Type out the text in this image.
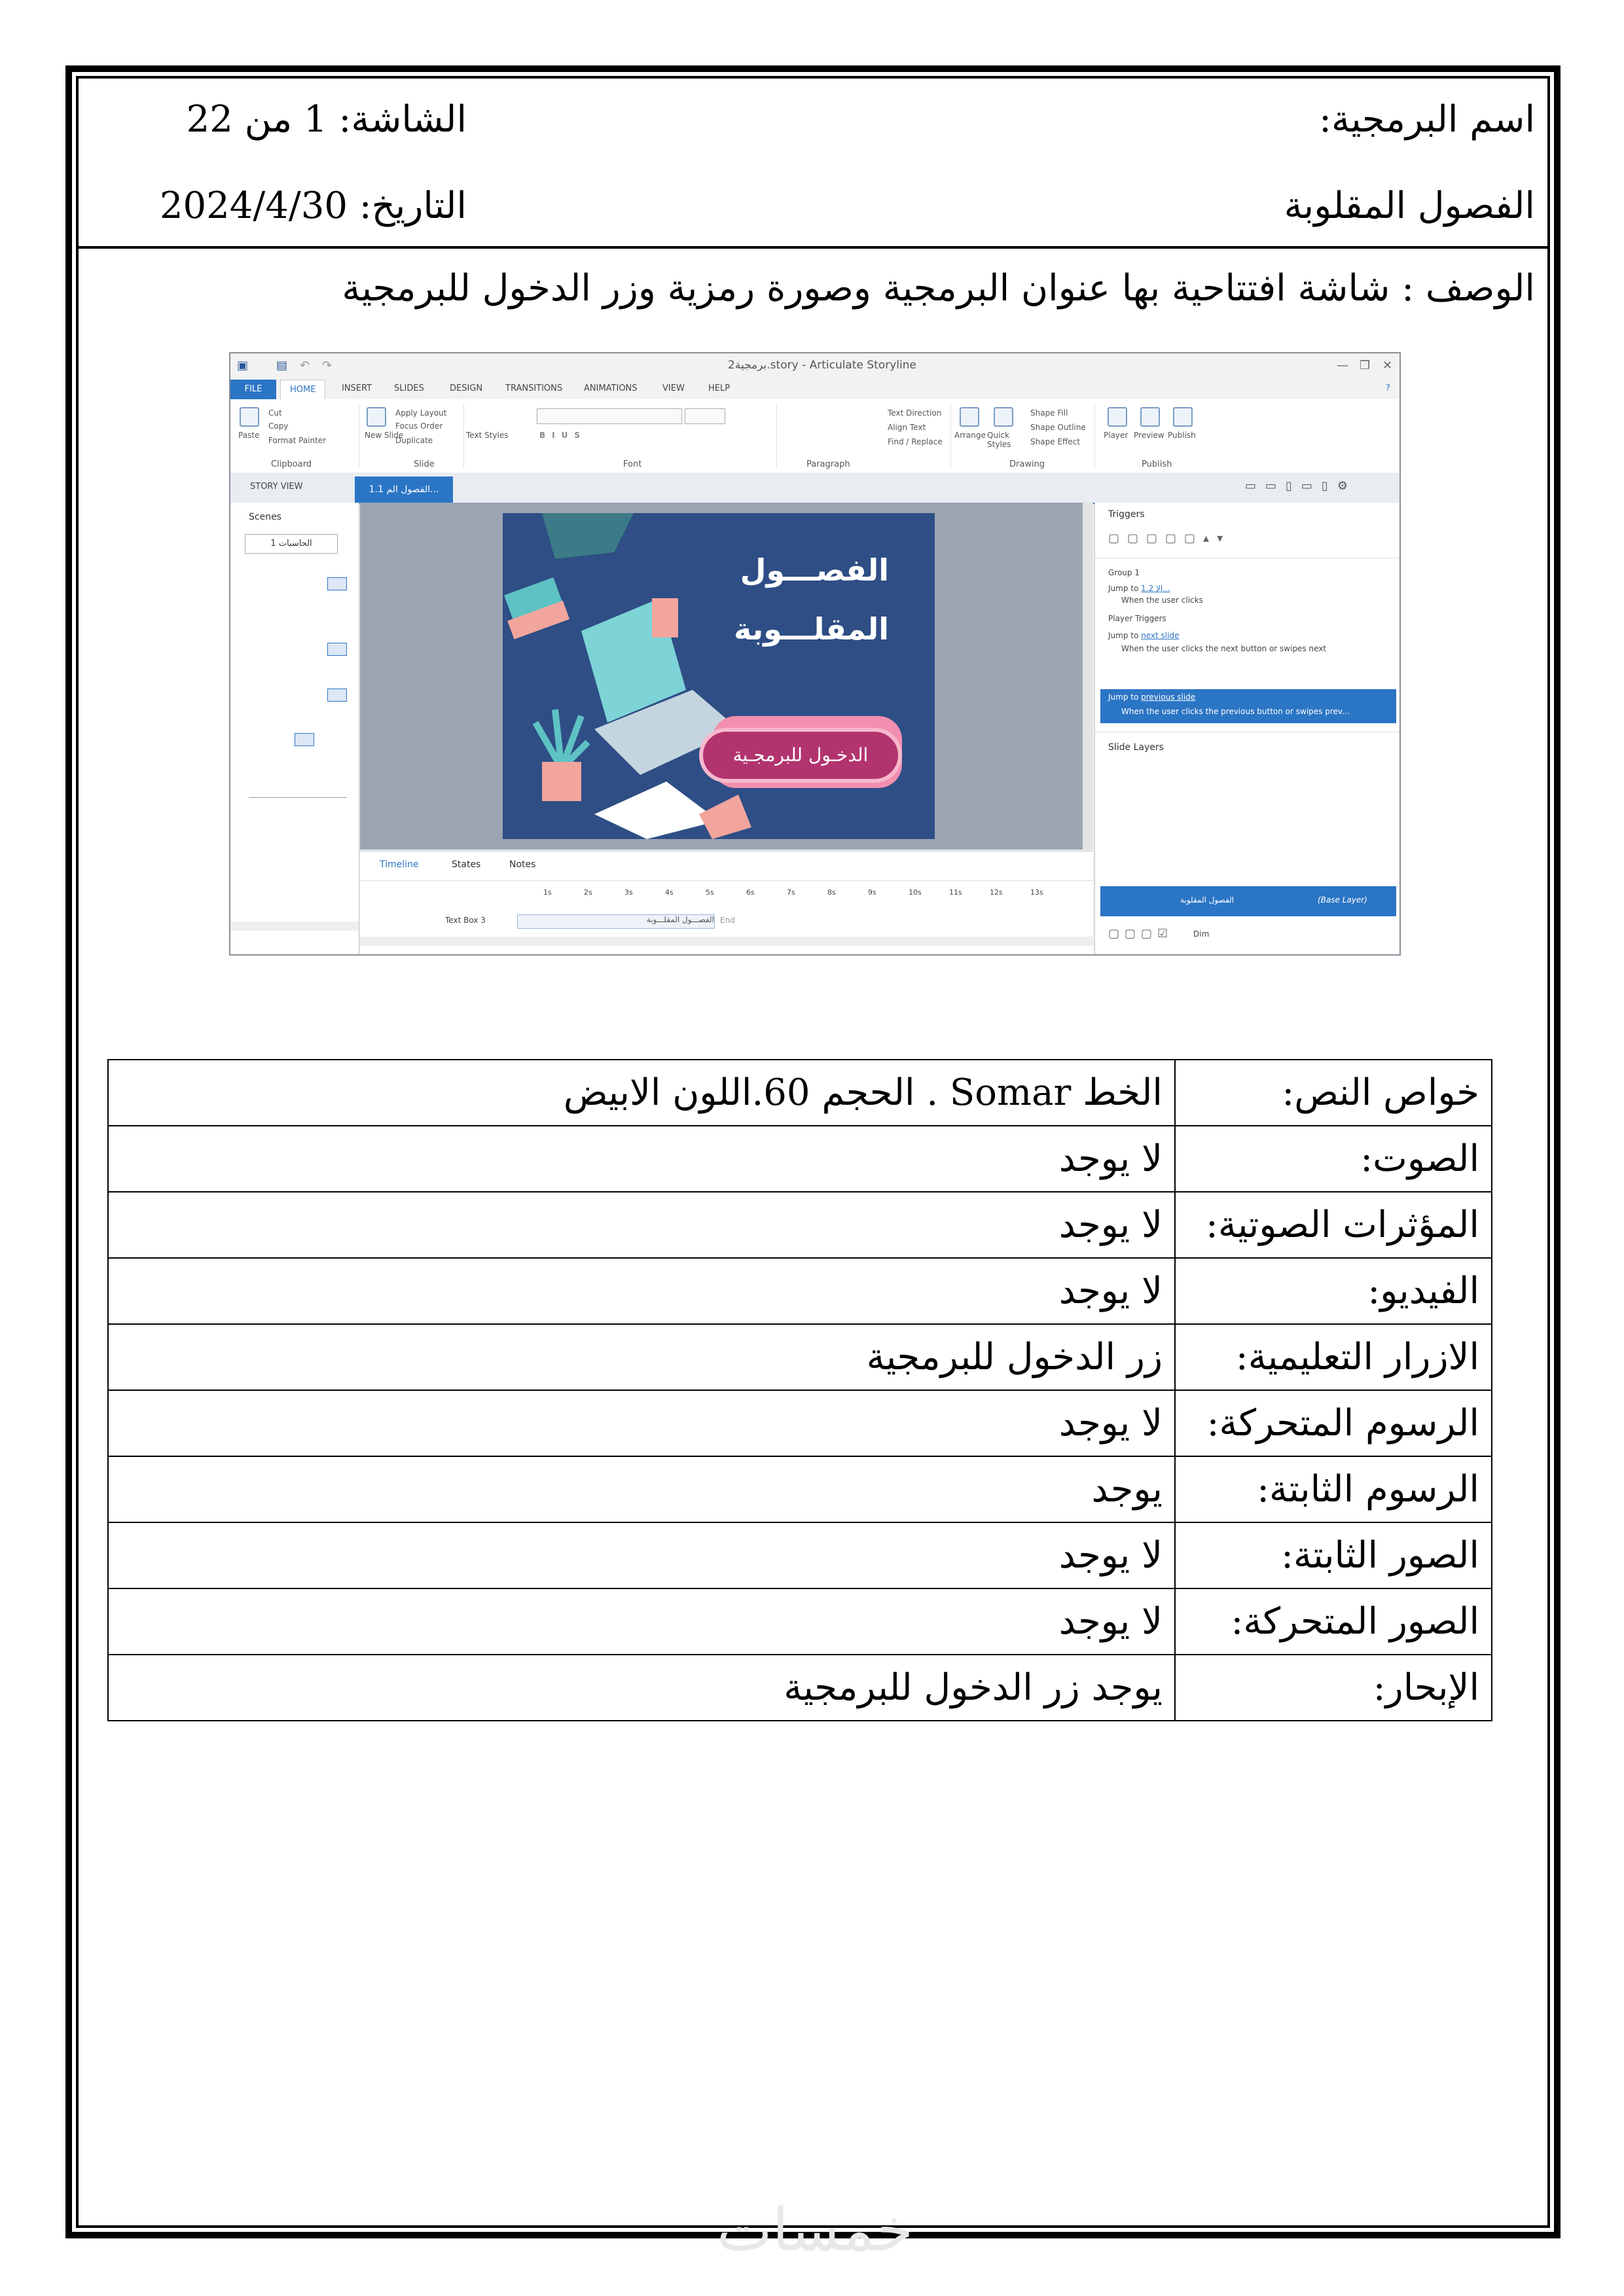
اسم البرمجية:
الفصول المقلوبة
الشاشة: 1 من 22
التاريخ: 2024/4/30
الوصف : شاشة افتتاحية بها عنوان البرمجية وصورة رمزية وزر الدخول للبرمجية
▣ ▤ ↶	↷	برمجية2.story - Articulate Storyline	— ❐ ✕
FILE	HOME	INSERT	SLIDES	DESIGN	TRANSITIONS	ANIMATIONS	VIEW	HELP	?
Paste
Cut
Copy
Format Painter
Clipboard
New Slide
Apply Layout
Focus Order
Duplicate
Slide
Text Styles	BIUS
Font
Text Direction
Align Text
Find / Replace
Paragraph
Arrange Quick Styles
Shape Fill
Shape Outline
Shape Effect
Drawing
Player Preview Publish
Publish
STORY VIEW	1.1 الفصول الم...	▭▭▯▭▯⚙
Scenes
1 الحاسبات
الفصـــول
المقلـــوبة
الدخـول للبرمجـية
Timeline	States	Notes
1s	2s	3s	4s	5s	6s	7s	8s	9s	10s	11s	12s	13s
Text Box 3	الفصـــول المقلـــوبة End
Triggers
▢▢▢▢▢▴▾
Group 1
Jump to 1.2 الإ...
When the user clicks
Player Triggers
Jump to next slide
When the user clicks the next button or swipes next
Jump to previous slide
When the user clicks the previous button or swipes prev...
Slide Layers
الفصول المقلوبة	(Base Layer)
▢▢▢☑	Dim
خواص النص:	الخط Somar . الحجم 60.اللون الابيض
الصوت:	لا يوجد
المؤثرات الصوتية:	لا يوجد
الفيديو:	لا يوجد
الازرار التعليمية:	زر الدخول للبرمجية
الرسوم المتحركة:	لا يوجد
الرسوم الثابتة:	يوجد
الصور الثابتة:	لا يوجد
الصور المتحركة:	لا يوجد
الإبحار:	يوجد زر الدخول للبرمجية
خمسات
